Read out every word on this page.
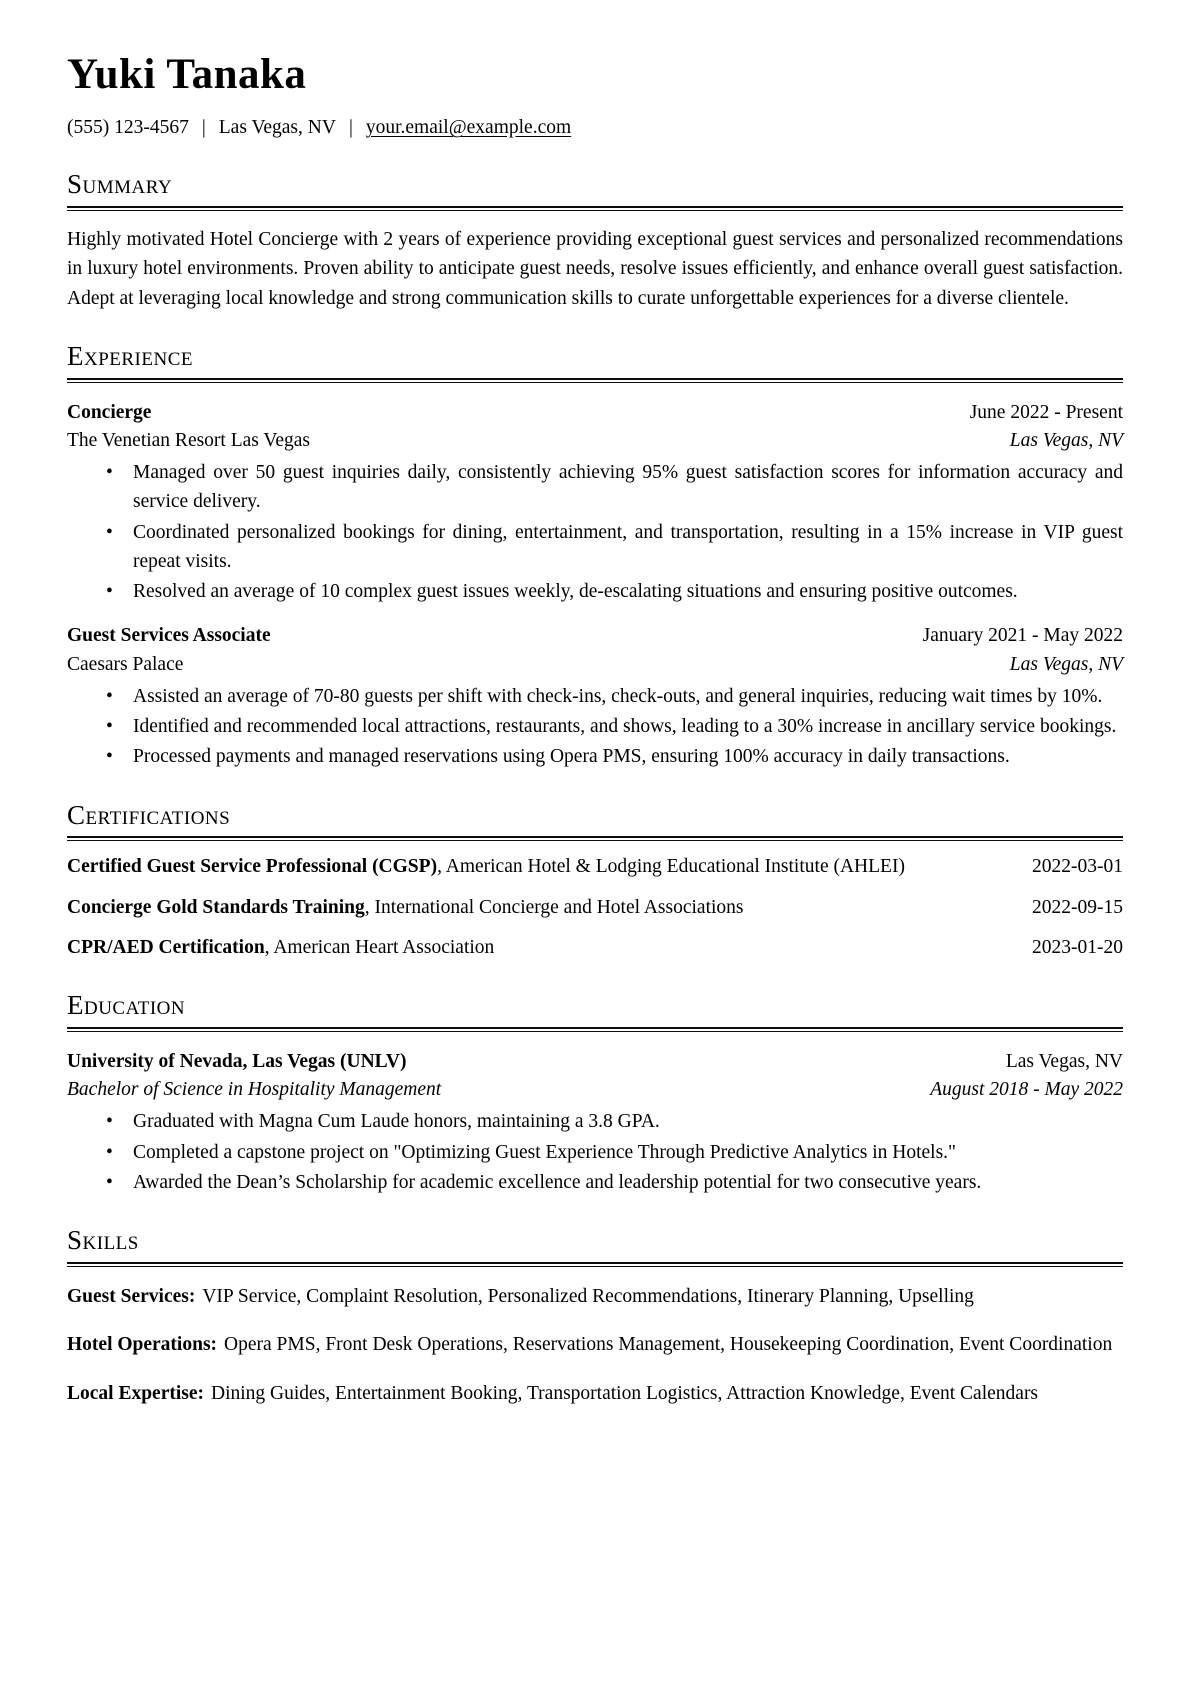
Yuki Tanaka
(555) 123-4567 | Las Vegas, NV | your.email@example.com
Summary

Highly motivated Hotel Concierge with 2 years of experience providing exceptional guest services and personalized recommendations in luxury hotel environments. Proven ability to anticipate guest needs, resolve issues efficiently, and enhance overall guest satisfaction. Adept at leveraging local knowledge and strong communication skills to curate unforgettable experiences for a diverse clientele.

Experience
Concierge	June 2022 - Present
The Venetian Resort Las Vegas	Las Vegas, NV
• Managed over 50 guest inquiries daily, consistently achieving 95% guest satisfaction scores for information accuracy and service delivery.
• Coordinated personalized bookings for dining, entertainment, and transportation, resulting in a 15% increase in VIP guest repeat visits.
• Resolved an average of 10 complex guest issues weekly, de-escalating situations and ensuring positive outcomes.
Guest Services Associate	January 2021 - May 2022
Caesars Palace	Las Vegas, NV
• Assisted an average of 70-80 guests per shift with check-ins, check-outs, and general inquiries, reducing wait times by 10%.
• Identified and recommended local attractions, restaurants, and shows, leading to a 30% increase in ancillary service bookings.
• Processed payments and managed reservations using Opera PMS, ensuring 100% accuracy in daily transactions.
Certifications
Certified Guest Service Professional (CGSP), American Hotel & Lodging Educational Institute (AHLEI)	2022-03-01
Concierge Gold Standards Training, International Concierge and Hotel Associations	2022-09-15
CPR/AED Certification, American Heart Association	2023-01-20
Education
University of Nevada, Las Vegas (UNLV)	Las Vegas, NV
Bachelor of Science in Hospitality Management	August 2018 - May 2022
• Graduated with Magna Cum Laude honors, maintaining a 3.8 GPA.
• Completed a capstone project on "Optimizing Guest Experience Through Predictive Analytics in Hotels."
• Awarded the Dean’s Scholarship for academic excellence and leadership potential for two consecutive years.
Skills

Guest Services: VIP Service, Complaint Resolution, Personalized Recommendations, Itinerary Planning, Upselling

Hotel Operations: Opera PMS, Front Desk Operations, Reservations Management, Housekeeping Coordination, Event Coordination

Local Expertise: Dining Guides, Entertainment Booking, Transportation Logistics, Attraction Knowledge, Event Calendars
